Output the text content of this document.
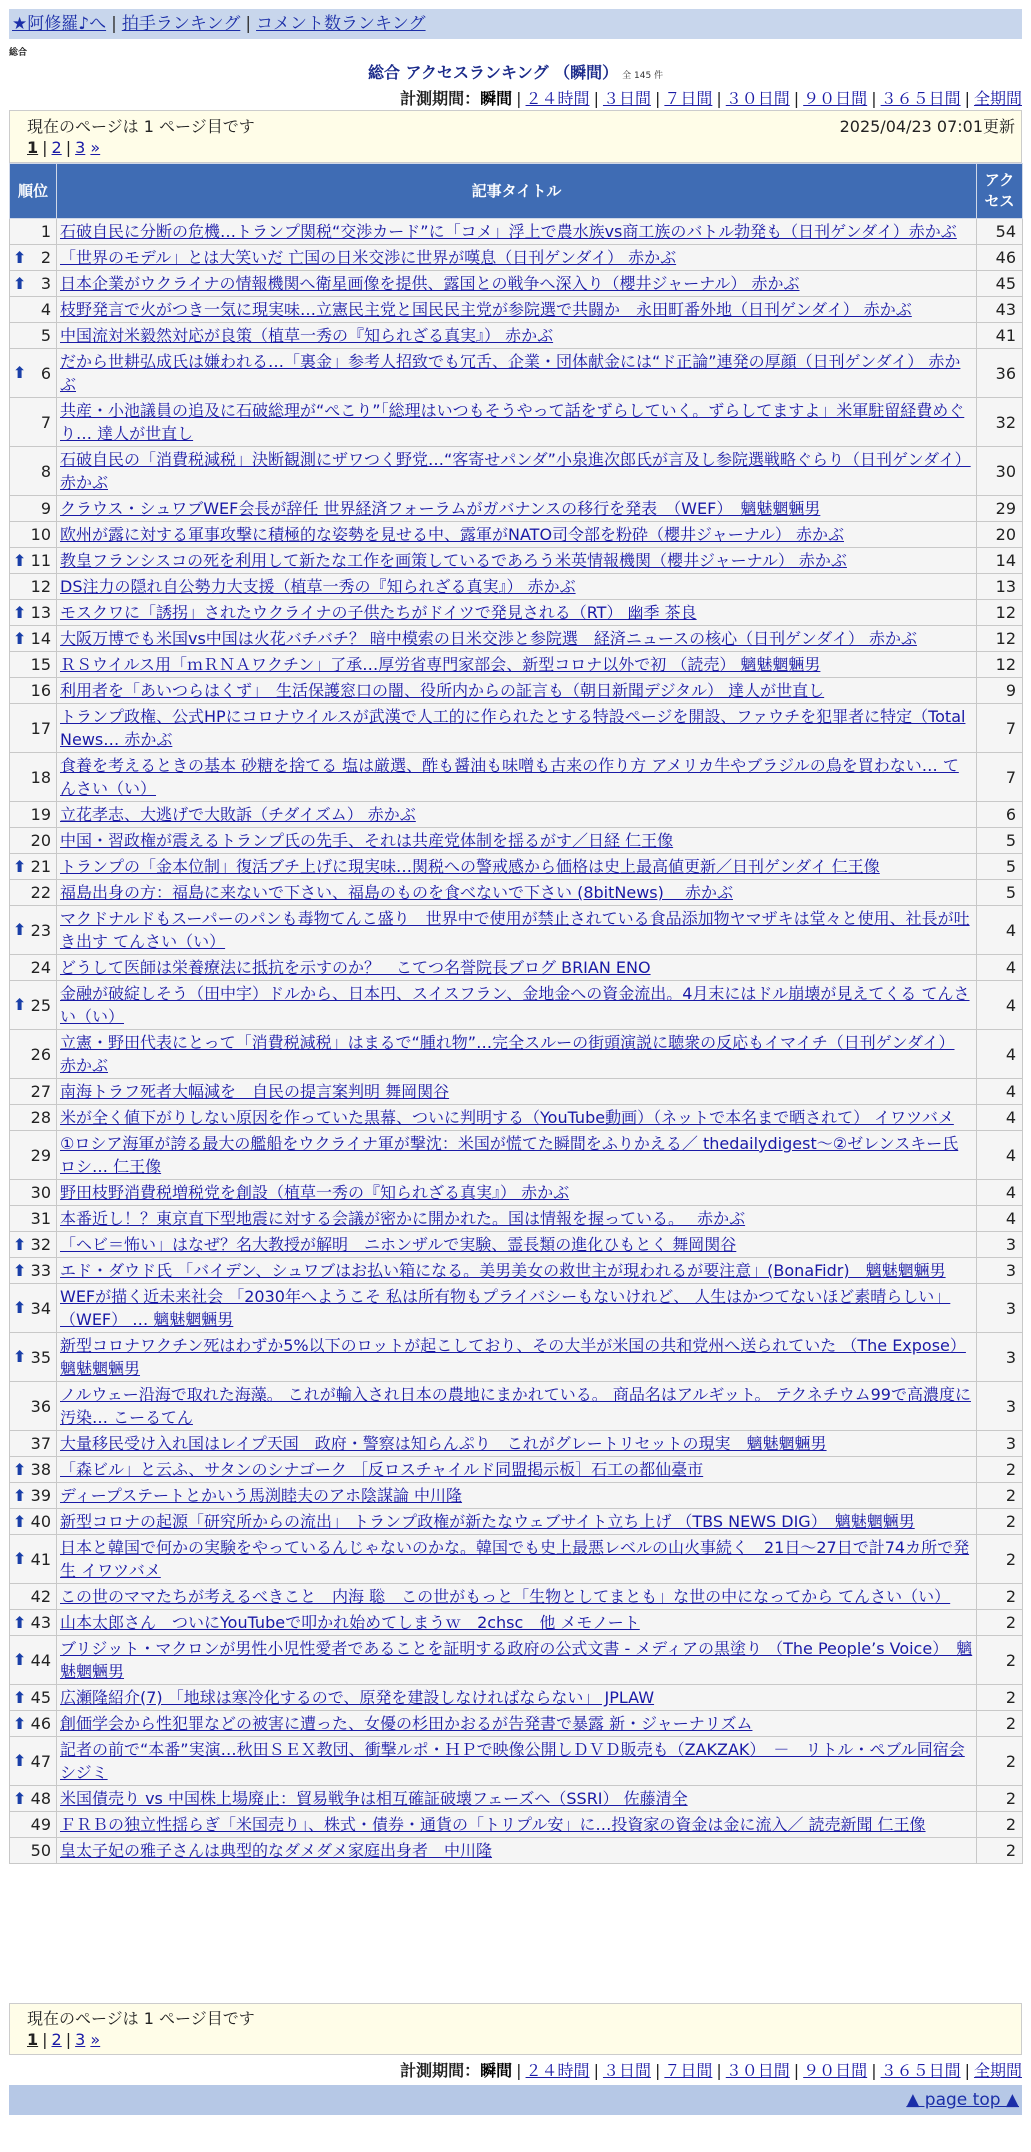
★阿修羅♪へ | 拍手ランキング | コメント数ランキング
総合
総合 アクセスランキング （瞬間） 全 145 件
計測期間：瞬間 | ２４時間 | ３日間 | ７日間 | ３０日間 | ９０日間 | ３６５日間 | 全期間
現在のページは 1 ページ目です	2025/04/23 07:01更新
1 | 2 | 3 »
順位	記事タイトル	アクセス
1	石破自民に分断の危機…トランプ関税“交渉カード”に「コメ」浮上で農水族vs商工族のバトル勃発も（日刊ゲンダイ）赤かぶ	54

⬆ 2	「世界のモデル」とは大笑いだ 亡国の日米交渉に世界が嘆息（日刊ゲンダイ） 赤かぶ	46

⬆ 3	日本企業がウクライナの情報機関へ衛星画像を提供、露国との戦争へ深入り（櫻井ジャーナル） 赤かぶ	45
4	枝野発言で火がつき一気に現実味…立憲民主党と国民民主党が参院選で共闘か　永田町番外地（日刊ゲンダイ） 赤かぶ	43
5	中国流対米毅然対応が良策（植草一秀の『知られざる真実』） 赤かぶ	41

⬆ 6	だから世耕弘成氏は嫌われる…「裏金」参考人招致でも冗舌、企業・団体献金には“ド正論”連発の厚顔（日刊ゲンダイ） 赤かぶ	36
7	共産・小池議員の追及に石破総理が“ぺこり”「総理はいつもそうやって話をずらしていく。ずらしてますよ」米軍駐留経費めぐり… 達人が世直し	32
8	石破自民の「消費税減税」決断観測にザワつく野党…“客寄せパンダ”小泉進次郎氏が言及し参院選戦略ぐらり（日刊ゲンダイ） 赤かぶ	30
9	クラウス・シュワブWEF会長が辞任 世界経済フォーラムがガバナンスの移行を発表　（WEF）　魑魅魍魎男	29
10	欧州が露に対する軍事攻撃に積極的な姿勢を見せる中、露軍がNATO司令部を粉砕（櫻井ジャーナル） 赤かぶ	20

⬆ 11	教皇フランシスコの死を利用して新たな工作を画策しているであろう米英情報機関（櫻井ジャーナル） 赤かぶ	14
12	DS注力の隠れ自公勢力大支援（植草一秀の『知られざる真実』） 赤かぶ	13

⬆ 13	モスクワに「誘拐」されたウクライナの子供たちがドイツで発見される（RT） 幽季 茶良	12

⬆ 14	大阪万博でも米国vs中国は火花バチバチ？ 暗中模索の日米交渉と参院選　経済ニュースの核心（日刊ゲンダイ） 赤かぶ	12
15	ＲＳウイルス用「ｍＲＮＡワクチン」了承…厚労省専門家部会、新型コロナ以外で初 （読売） 魑魅魍魎男	12
16	利用者を「あいつらはくず」　生活保護窓口の闇、役所内からの証言も（朝日新聞デジタル） 達人が世直し	9
17	トランプ政権、公式HPにコロナウイルスが武漢で人工的に作られたとする特設ページを開設、ファウチを犯罪者に特定（Total News… 赤かぶ	7
18	食養を考えるときの基本 砂糖を捨てる 塩は厳選、酢も醤油も味噌も古来の作り方 アメリカ牛やブラジルの鳥を買わない… てんさい（い）	7
19	立花孝志、大逃げで大敗訴（チダイズム） 赤かぶ	6
20	中国・習政権が震えるトランプ氏の先手、それは共産党体制を揺るがす／日経 仁王像	5

⬆ 21	トランプの「金本位制」復活ブチ上げに現実味…関税への警戒感から価格は史上最高値更新／日刊ゲンダイ 仁王像	5
22	福島出身の方：福島に来ないで下さい、福島のものを食べないで下さい (8bitNews)　 赤かぶ	5

⬆ 23	マクドナルドもスーパーのパンも毒物てんこ盛り　世界中で使用が禁止されている食品添加物ヤマザキは堂々と使用、社長が吐き出す てんさい（い）	4
24	どうして医師は栄養療法に抵抗を示すのか？　こてつ名誉院長ブログ BRIAN ENO	4

⬆ 25	金融が破綻しそう（田中宇）ドルから、日本円、スイスフラン、金地金への資金流出。4月末にはドル崩壊が見えてくる てんさい（い）	4
26	立憲・野田代表にとって「消費税減税」はまるで“腫れ物”…完全スルーの街頭演説に聴衆の反応もイマイチ（日刊ゲンダイ） 赤かぶ	4
27	南海トラフ死者大幅減を　自民の提言案判明 舞岡関谷	4
28	米が全く値下がりしない原因を作っていた黒幕、ついに判明する（YouTube動画）（ネットで本名まで晒されて） イワツバメ	4
29	①ロシア海軍が誇る最大の艦船をウクライナ軍が撃沈：米国が慌てた瞬間をふりかえる／ thedailydigest〜②ゼレンスキー氏 ロシ… 仁王像	4
30	野田枝野消費税増税党を創設（植草一秀の『知られざる真実』） 赤かぶ	4
31	本番近し！？東京直下型地震に対する会議が密かに開かれた。国は情報を握っている。　 赤かぶ	4

⬆ 32	「ヘビ＝怖い」はなぜ？名大教授が解明　ニホンザルで実験、霊長類の進化ひもとく 舞岡関谷	3

⬆ 33	エド・ダウド氏 「バイデン、シュワブはお払い箱になる。美男美女の救世主が現われるが要注意」(BonaFidr)　魑魅魍魎男	3

⬆ 34	WEFが描く近未来社会 「2030年へようこそ 私は所有物もプライバシーもないけれど、 人生はかつてないほど素晴らしい」 （WEF） … 魑魅魍魎男	3

⬆ 35	新型コロナワクチン死はわずか5%以下のロットが起こしており、その大半が米国の共和党州へ送られていた （The Expose） 魑魅魍魎男	3
36	ノルウェー沿海で取れた海藻。 これが輸入され日本の農地にまかれている。 商品名はアルギット。 テクネチウム99で高濃度に汚染… こーるてん	3
37	大量移民受け入れ国はレイプ天国　政府・警察は知らんぷり　これがグレートリセットの現実　魑魅魍魎男	3

⬆ 38	「森ビル」と云ふ、サタンのシナゴーク ［反ロスチャイルド同盟掲示板］石工の都仙臺市	2

⬆ 39	ディープステートとかいう馬渕睦夫のアホ陰謀論 中川隆	2

⬆ 40	新型コロナの起源「研究所からの流出」 トランプ政権が新たなウェブサイト立ち上げ （TBS NEWS DIG）　魑魅魍魎男	2

⬆ 41	日本と韓国で何かの実験をやっているんじゃないのかな。韓国でも史上最悪レベルの山火事続く　21日〜27日で計74カ所で発生 イワツバメ	2
42	この世のママたちが考えるべきこと　内海 聡　この世がもっと「生物としてまとも」な世の中になってから てんさい（い）	2

⬆ 43	山本太郎さん　ついにYouTubeで叩かれ始めてしまうｗ　2chsc　他 メモノート	2

⬆ 44	ブリジット・マクロンが男性小児性愛者であることを証明する政府の公式文書 - メディアの黒塗り （The People’s Voice）　魑魅魍魎男	2

⬆ 45	広瀬隆紹介(7) 「地球は寒冷化するので、原発を建設しなければならない」 JPLAW	2

⬆ 46	創価学会から性犯罪などの被害に遭った、女優の杉田かおるが告発書で暴露 新・ジャーナリズム	2

⬆ 47	記者の前で“本番”実演…秋田ＳＥＸ教団、衝撃ルポ・ＨＰで映像公開しＤＶＤ販売も（ZAKZAK）　－　リトル・ペブル同宿会 シジミ	2

⬆ 48	米国債売り vs 中国株上場廃止：貿易戦争は相互確証破壊フェーズへ（SSRI） 佐藤清全	2
49	ＦＲＢの独立性揺らぎ「米国売り」、株式・債券・通貨の「トリプル安」に…投資家の資金は金に流入／ 読売新聞 仁王像	2
50	皇太子妃の雅子さんは典型的なダメダメ家庭出身者　中川隆	2
現在のページは 1 ページ目です
1 | 2 | 3 »
計測期間：瞬間 | ２４時間 | ３日間 | ７日間 | ３０日間 | ９０日間 | ３６５日間 | 全期間
▲ page top ▲
